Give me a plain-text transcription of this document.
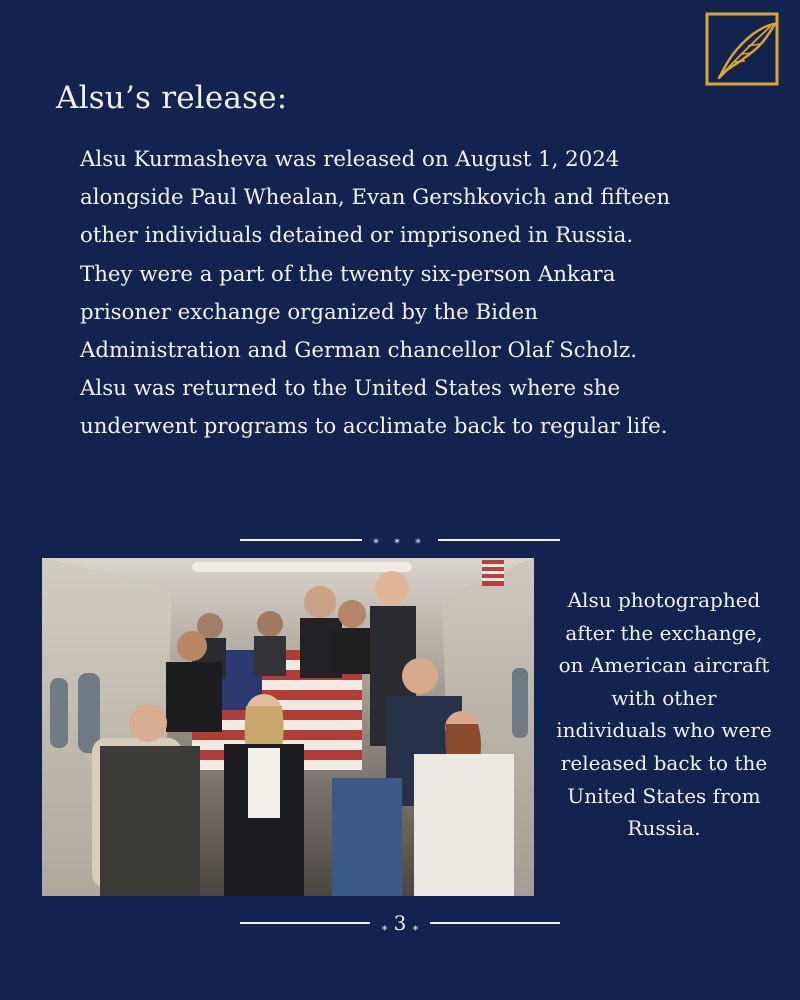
Alsu’s release:

Alsu Kurmasheva was released on August 1, 2024 alongside Paul Whealan, Evan Gershkovich and fifteen other individuals detained or imprisoned in Russia. They were a part of the twenty six-person Ankara prisoner exchange organized by the Biden Administration and German chancellor Olaf Scholz. Alsu was returned to the United States where she underwent programs to acclimate back to regular life.

⁎ ⁎ ⁎

Alsu photographed after the exchange, on American aircraft with other individuals who were released back to the United States from Russia.

⁎ 3 ⁎
